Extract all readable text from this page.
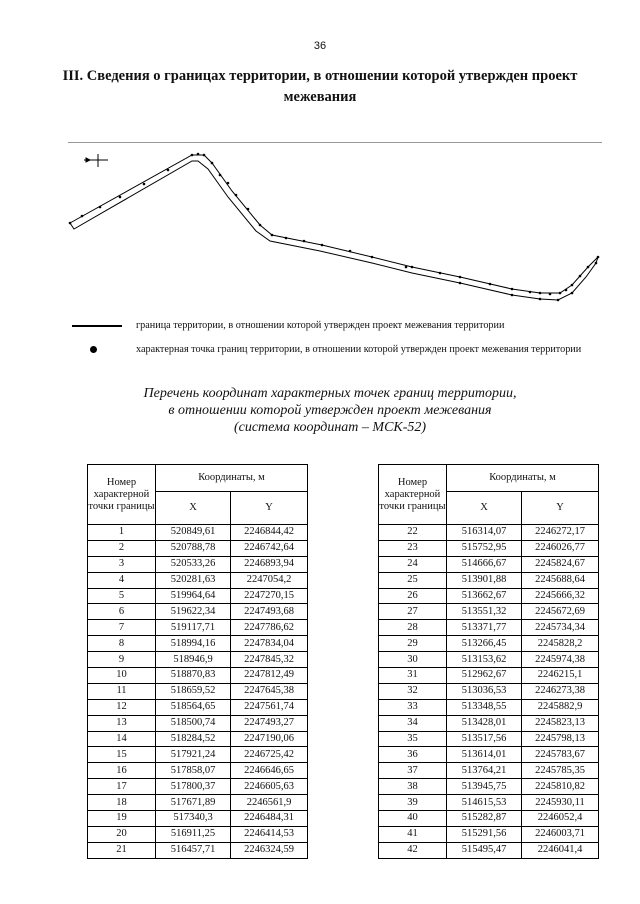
36
III. Сведения о границах территории, в отношении которой утвержден проект межевания
граница территории, в отношении которой утвержден проект межевания территории
характерная точка границ территории, в отношении которой утвержден проект межевания территории
Перечень координат характерных точек границ территории,
в отношении которой утвержден проект межевания
(система координат – МСК-52)
Номер характерной точки границы	Координаты, м	
	X	Y
1	520849,61	2246844,42
2	520788,78	2246742,64
3	520533,26	2246893,94
4	520281,63	2247054,2
5	519964,64	2247270,15
6	519622,34	2247493,68
7	519117,71	2247786,62
8	518994,16	2247834,04
9	518946,9	2247845,32
10	518870,83	2247812,49
11	518659,52	2247645,38
12	518564,65	2247561,74
13	518500,74	2247493,27
14	518284,52	2247190,06
15	517921,24	2246725,42
16	517858,07	2246646,65
17	517800,37	2246605,63
18	517671,89	2246561,9
19	517340,3	2246484,31
20	516911,25	2246414,53
21	516457,71	2246324,59
Номер характерной точки границы	Координаты, м	
	X	Y
22	516314,07	2246272,17
23	515752,95	2246026,77
24	514666,67	2245824,67
25	513901,88	2245688,64
26	513662,67	2245666,32
27	513551,32	2245672,69
28	513371,77	2245734,34
29	513266,45	2245828,2
30	513153,62	2245974,38
31	512962,67	2246215,1
32	513036,53	2246273,38
33	513348,55	2245882,9
34	513428,01	2245823,13
35	513517,56	2245798,13
36	513614,01	2245783,67
37	513764,21	2245785,35
38	513945,75	2245810,82
39	514615,53	2245930,11
40	515282,87	2246052,4
41	515291,56	2246003,71
42	515495,47	2246041,4
